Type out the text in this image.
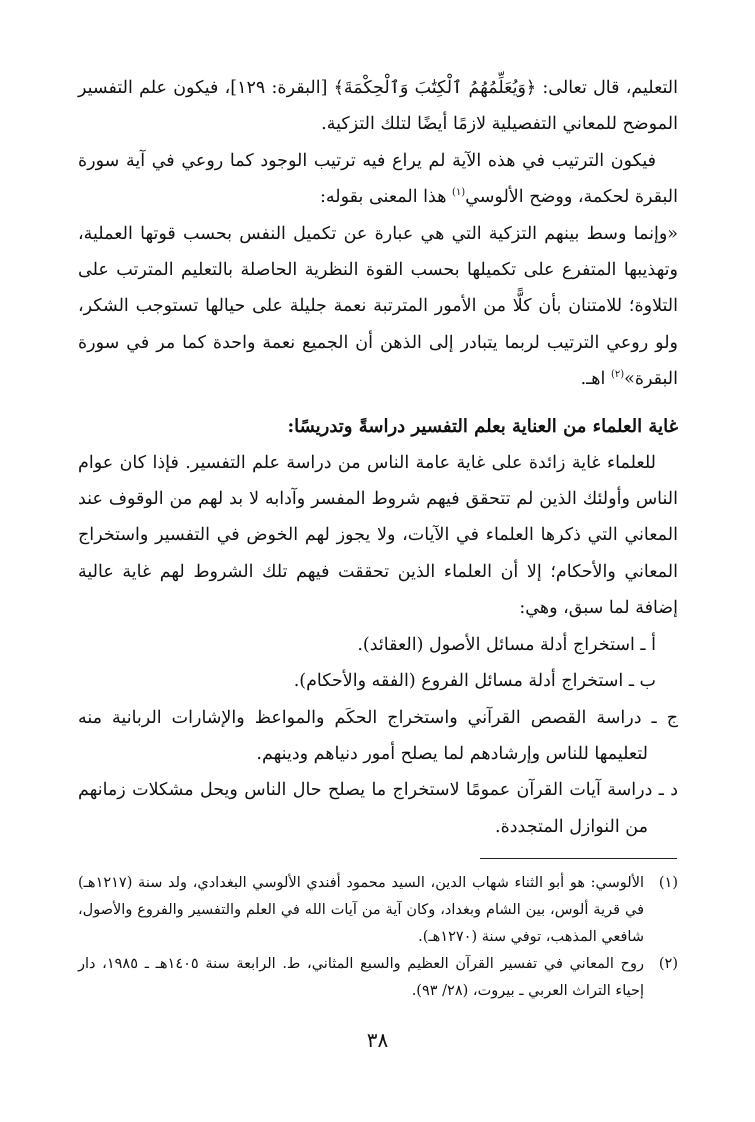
التعليم، قال تعالى: ﴿وَيُعَلِّمُهُمُ ٱلْكِتَٰبَ وَٱلْحِكْمَةَ﴾ [البقرة: ١٢٩]، فيكون علم التفسير الموضح للمعاني التفصيلية لازمًا أيضًا لتلك التزكية.

فيكون الترتيب في هذه الآية لم يراع فيه ترتيب الوجود كما روعي في آية سورة البقرة لحكمة، ووضح الألوسي$^{(١)}$ هذا المعنى بقوله:

«وإنما وسط بينهم التزكية التي هي عبارة عن تكميل النفس بحسب قوتها العملية، وتهذيبها المتفرع على تكميلها بحسب القوة النظرية الحاصلة بالتعليم المترتب على التلاوة؛ للامتنان بأن كلًّا من الأمور المترتبة نعمة جليلة على حيالها تستوجب الشكر، ولو روعي الترتيب لربما يتبادر إلى الذهن أن الجميع نعمة واحدة كما مر في سورة البقرة»$^{(٢)}$ اهـ.

غاية العلماء من العناية بعلم التفسير دراسةً وتدريسًا:

للعلماء غاية زائدة على غاية عامة الناس من دراسة علم التفسير. فإذا كان عوام الناس وأولئك الذين لم تتحقق فيهم شروط المفسر وآدابه لا بد لهم من الوقوف عند المعاني التي ذكرها العلماء في الآيات، ولا يجوز لهم الخوض في التفسير واستخراج المعاني والأحكام؛ إلا أن العلماء الذين تحققت فيهم تلك الشروط لهم غاية عالية إضافة لما سبق، وهي:

أ ـ استخراج أدلة مسائل الأصول (العقائد).

ب ـ استخراج أدلة مسائل الفروع (الفقه والأحكام).

ج ـ دراسة القصص القرآني واستخراج الحكَم والمواعظ والإشارات الربانية منه لتعليمها للناس وإرشادهم لما يصلح أمور دنياهم ودينهم.

د ـ دراسة آيات القرآن عمومًا لاستخراج ما يصلح حال الناس ويحل مشكلات زمانهم من النوازل المتجددة.

(١)
الألوسي: هو أبو الثناء شهاب الدين، السيد محمود أفندي الألوسي البغدادي، ولد سنة (١٢١٧هـ) في قرية ألوس، بين الشام وبغداد، وكان آية من آيات الله في العلم والتفسير والفروع والأصول، شافعي المذهب، توفي سنة (١٢٧٠هـ).
(٢)
روح المعاني في تفسير القرآن العظيم والسبع المثاني، ط. الرابعة سنة ١٤٠٥هـ ـ ١٩٨٥، دار إحياء التراث العربي ـ بيروت، (٢٨/ ٩٣).
٣٨
